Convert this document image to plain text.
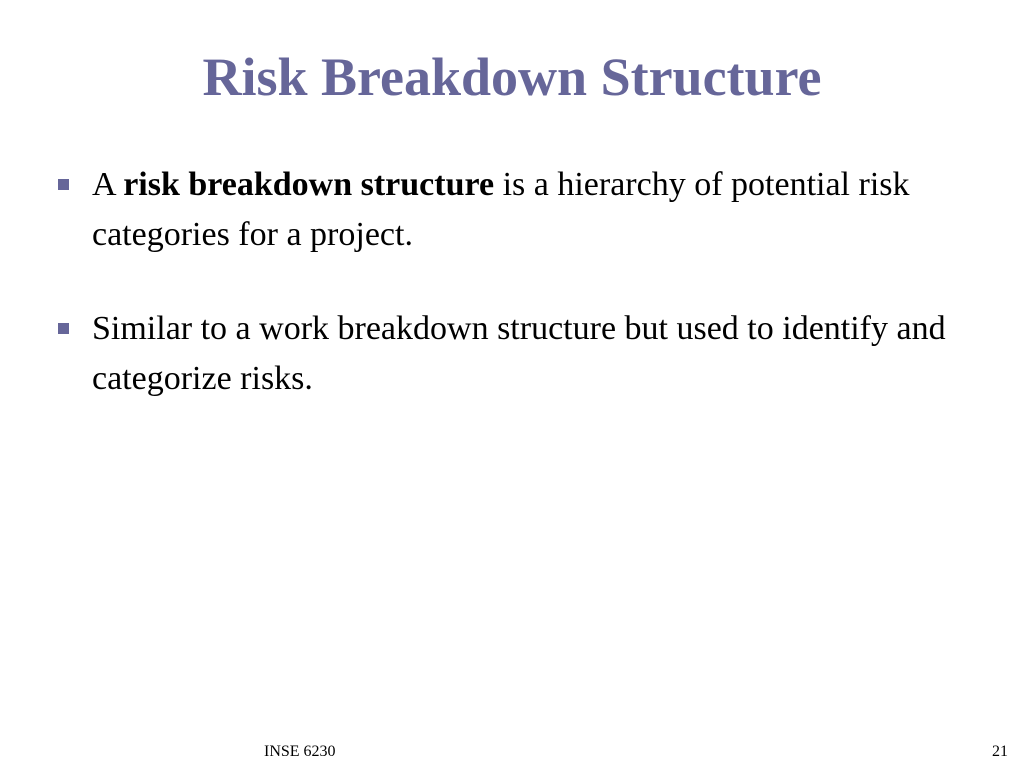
Risk Breakdown Structure
A risk breakdown structure is a hierarchy of potential risk categories for a project.
Similar to a work breakdown structure but used to identify and categorize risks.
INSE 6230	21
